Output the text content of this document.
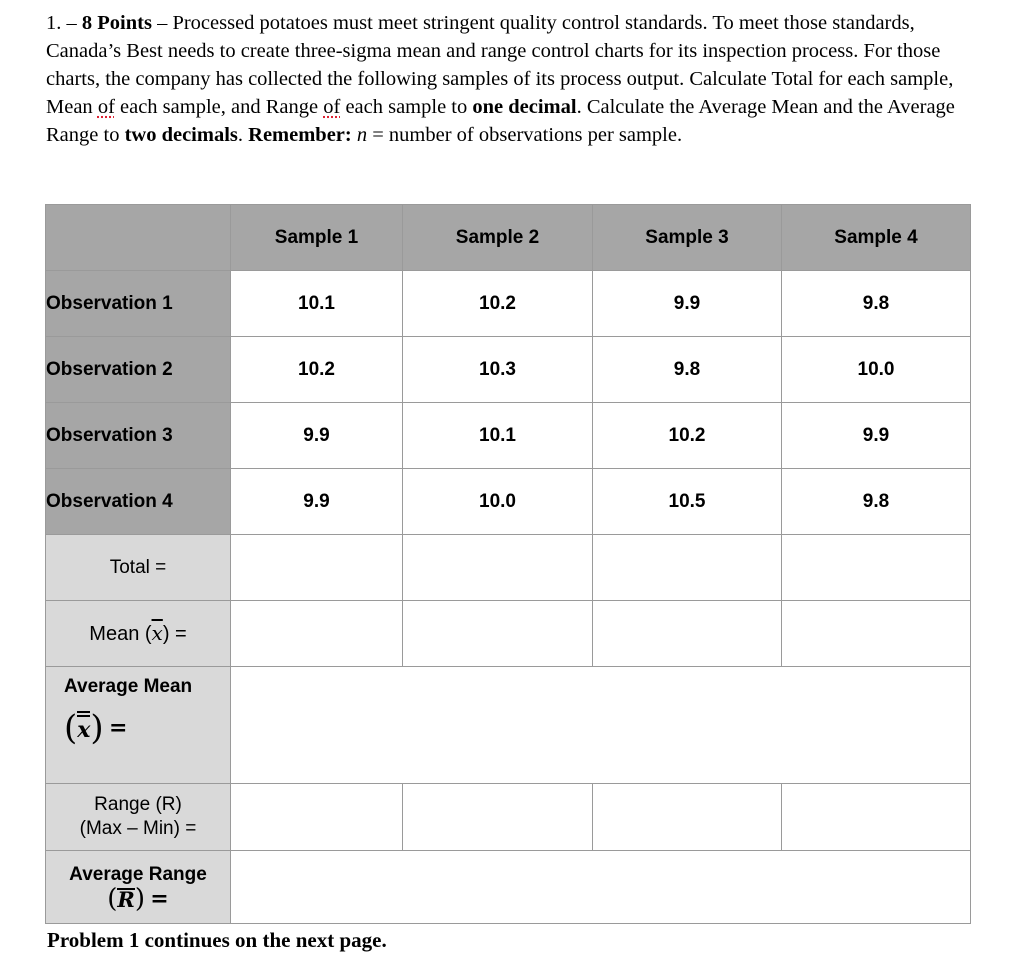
1. – 8 Points – Processed potatoes must meet stringent quality control standards. To meet those standards, Canada’s Best needs to create three-sigma mean and range control charts for its inspection process. For those charts, the company has collected the following samples of its process output. Calculate Total for each sample, Mean of each sample, and Range of each sample to one decimal. Calculate the Average Mean and the Average Range to two decimals. Remember: n = number of observations per sample.
	Sample 1	Sample 2	Sample 3	Sample 4
Observation 1	10.1	10.2	9.9	9.8
Observation 2	10.2	10.3	9.8	10.0
Observation 3	9.9	10.1	10.2	9.9
Observation 4	9.9	10.0	10.5	9.8
Total =				
Mean $(\overline{x})$ =				

Average Mean
(x) =				

Range (R)
(Max – Min) =				

Average Range
(R) =				

Problem 1 continues on the next page.
